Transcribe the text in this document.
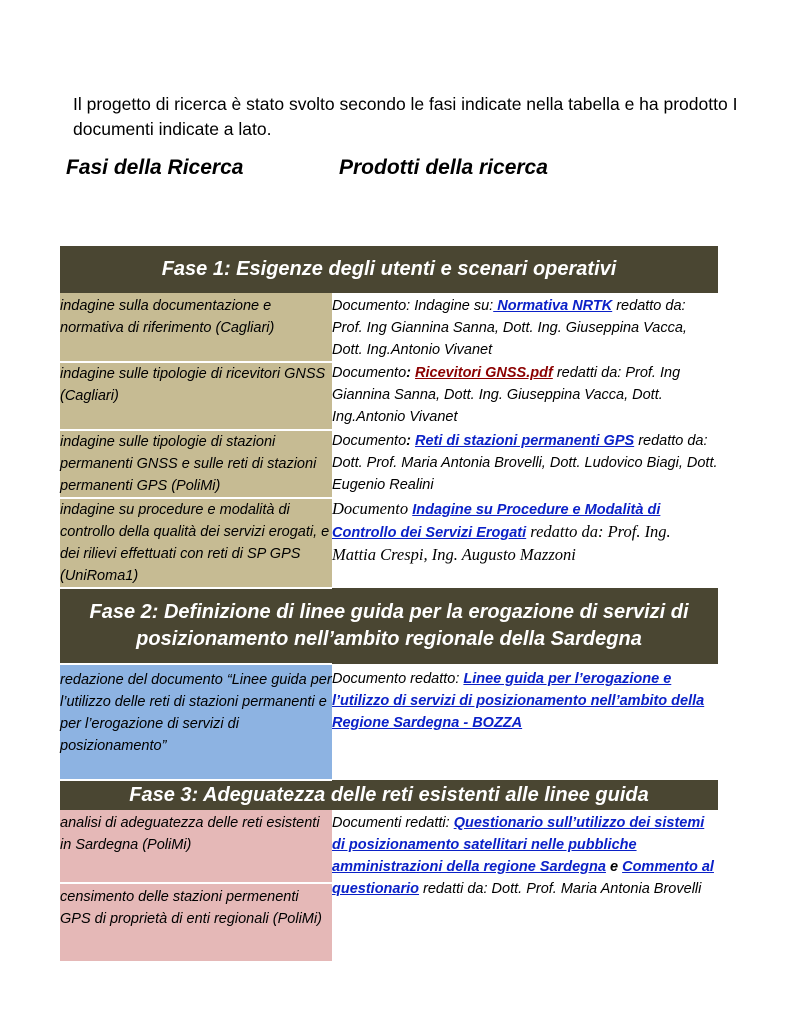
Il progetto di ricerca è stato svolto secondo le fasi indicate nella tabella e ha prodotto I documenti indicate a lato.
Fasi della Ricerca	Prodotti della ricerca
Fase 1: Esigenze degli utenti e scenari operativi	
indagine sulla documentazione e normativa di riferimento (Cagliari)	Documento: Indagine su: Normativa NRTK redatto da: Prof. Ing Giannina Sanna, Dott. Ing. Giuseppina Vacca, Dott. Ing.Antonio Vivanet
indagine sulle tipologie di ricevitori GNSS (Cagliari)	Documento: Ricevitori GNSS.pdf redatti da: Prof. Ing Giannina Sanna, Dott. Ing. Giuseppina Vacca, Dott. Ing.Antonio Vivanet
indagine sulle tipologie di stazioni permanenti GNSS e sulle reti di stazioni permanenti GPS (PoliMi)	Documento: Reti di stazioni permanenti GPS redatto da: Dott. Prof. Maria Antonia Brovelli, Dott. Ludovico Biagi, Dott. Eugenio Realini
indagine su procedure e modalità di controllo della qualità dei servizi erogati, e dei rilievi effettuati con reti di SP GPS (UniRoma1)	Documento Indagine su Procedure e Modalità di Controllo dei Servizi Erogati redatto da: Prof. Ing. Mattia Crespi, Ing. Augusto Mazzoni
Fase 2: Definizione di linee guida per la erogazione di servizi di posizionamento nell’ambito regionale della Sardegna	
redazione del documento “Linee guida per l’utilizzo delle reti di stazioni permanenti e per l’erogazione di servizi di posizionamento”	Documento redatto: Linee guida per l’erogazione e l’utilizzo di servizi di posizionamento nell’ambito della Regione Sardegna - BOZZA
Fase 3: Adeguatezza delle reti esistenti alle linee guida	
analisi di adeguatezza delle reti esistenti in Sardegna (PoliMi)	Documenti redatti: Questionario sull’utilizzo dei sistemi di posizionamento satellitari nelle pubbliche amministrazioni della regione Sardegna e Commento al questionario redatti da: Dott. Prof. Maria Antonia Brovelli
censimento delle stazioni permenenti GPS di proprietà di enti regionali (PoliMi)	
